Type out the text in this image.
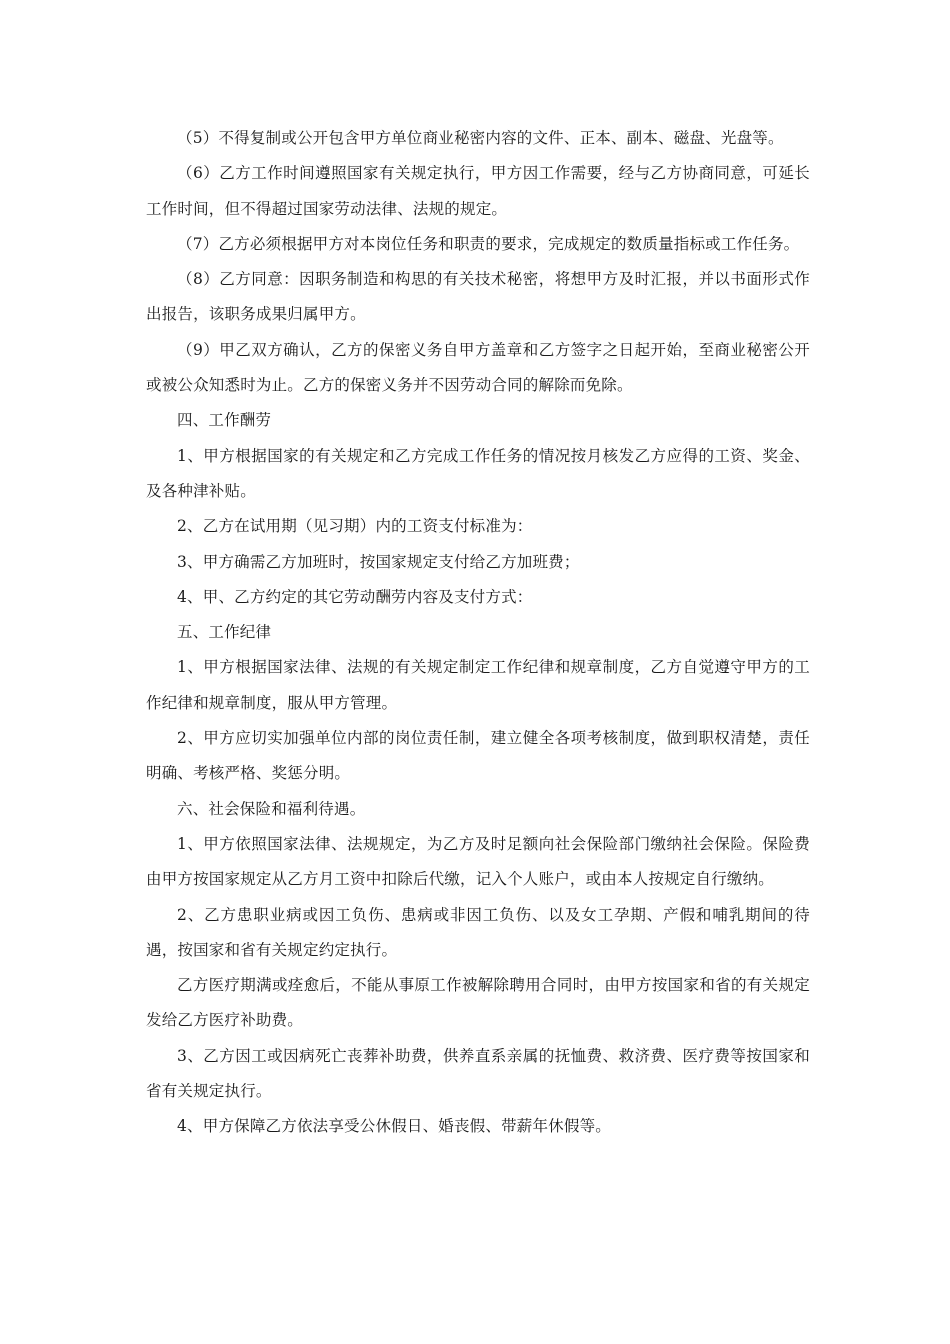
（5）不得复制或公开包含甲方单位商业秘密内容的文件、正本、副本、磁盘、光盘等。

（6）乙方工作时间遵照国家有关规定执行，甲方因工作需要，经与乙方协商同意，可延长工作时间，但不得超过国家劳动法律、法规的规定。

（7）乙方必须根据甲方对本岗位任务和职责的要求，完成规定的数质量指标或工作任务。

（8）乙方同意：因职务制造和构思的有关技术秘密，将想甲方及时汇报，并以书面形式作出报告，该职务成果归属甲方。

（9）甲乙双方确认，乙方的保密义务自甲方盖章和乙方签字之日起开始，至商业秘密公开或被公众知悉时为止。乙方的保密义务并不因劳动合同的解除而免除。

四、工作酬劳

1、甲方根据国家的有关规定和乙方完成工作任务的情况按月核发乙方应得的工资、奖金、及各种津补贴。

2、乙方在试用期（见习期）内的工资支付标准为：

3、甲方确需乙方加班时，按国家规定支付给乙方加班费；

4、甲、乙方约定的其它劳动酬劳内容及支付方式：

五、工作纪律

1、甲方根据国家法律、法规的有关规定制定工作纪律和规章制度，乙方自觉遵守甲方的工作纪律和规章制度，服从甲方管理。

2、甲方应切实加强单位内部的岗位责任制，建立健全各项考核制度，做到职权清楚，责任明确、考核严格、奖惩分明。

六、社会保险和福利待遇。

1、甲方依照国家法律、法规规定，为乙方及时足额向社会保险部门缴纳社会保险。保险费由甲方按国家规定从乙方月工资中扣除后代缴，记入个人账户，或由本人按规定自行缴纳。

2、乙方患职业病或因工负伤、患病或非因工负伤、以及女工孕期、产假和哺乳期间的待遇，按国家和省有关规定约定执行。

乙方医疗期满或痊愈后，不能从事原工作被解除聘用合同时，由甲方按国家和省的有关规定发给乙方医疗补助费。

3、乙方因工或因病死亡丧葬补助费，供养直系亲属的抚恤费、救济费、医疗费等按国家和省有关规定执行。

4、甲方保障乙方依法享受公休假日、婚丧假、带薪年休假等。
